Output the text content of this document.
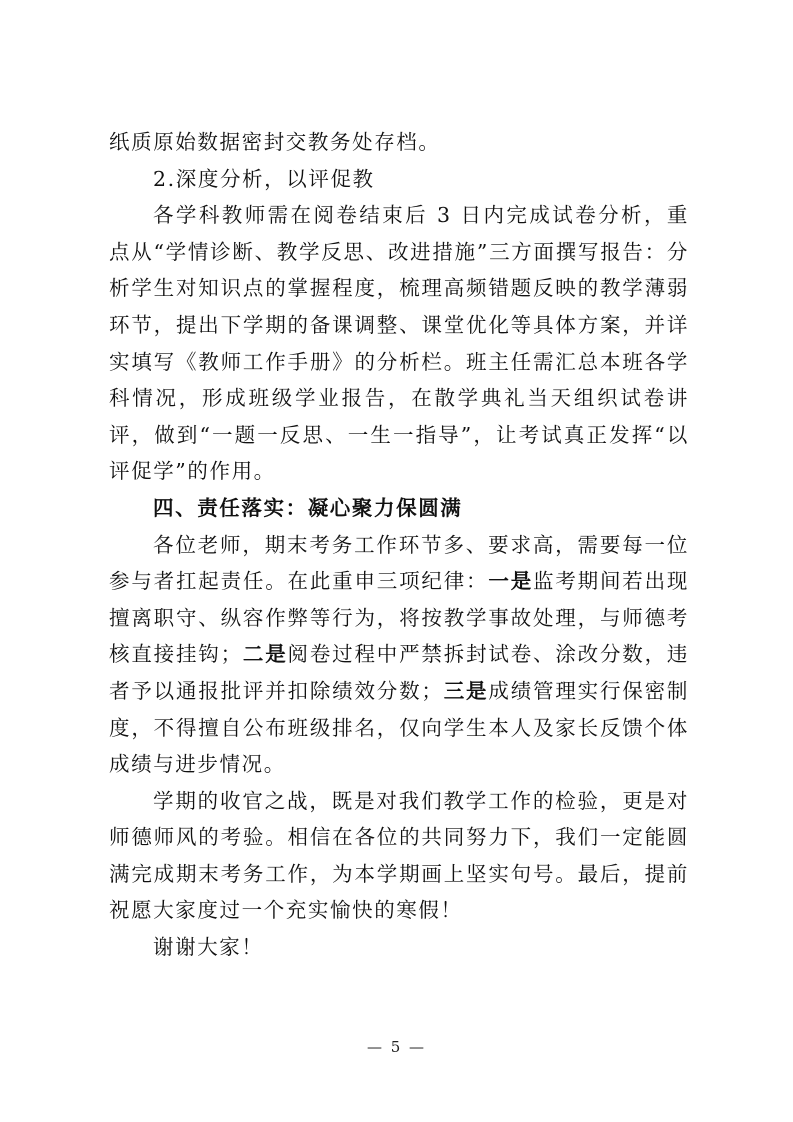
纸质原始数据密封交教务处存档。

2.深度分析，以评促教

各学科教师需在阅卷结束后 3 日内完成试卷分析，重点从“学情诊断、教学反思、改进措施”三方面撰写报告：分析学生对知识点的掌握程度，梳理高频错题反映的教学薄弱环节，提出下学期的备课调整、课堂优化等具体方案，并详实填写《教师工作手册》的分析栏。班主任需汇总本班各学科情况，形成班级学业报告，在散学典礼当天组织试卷讲评，做到“一题一反思、一生一指导”，让考试真正发挥“以评促学”的作用。

四、责任落实：凝心聚力保圆满

各位老师，期末考务工作环节多、要求高，需要每一位参与者扛起责任。在此重申三项纪律：一是监考期间若出现擅离职守、纵容作弊等行为，将按教学事故处理，与师德考核直接挂钩；二是阅卷过程中严禁拆封试卷、涂改分数，违者予以通报批评并扣除绩效分数；三是成绩管理实行保密制度，不得擅自公布班级排名，仅向学生本人及家长反馈个体成绩与进步情况。

学期的收官之战，既是对我们教学工作的检验，更是对师德师风的考验。相信在各位的共同努力下，我们一定能圆满完成期末考务工作，为本学期画上坚实句号。最后，提前祝愿大家度过一个充实愉快的寒假！

谢谢大家！

— 5 —
